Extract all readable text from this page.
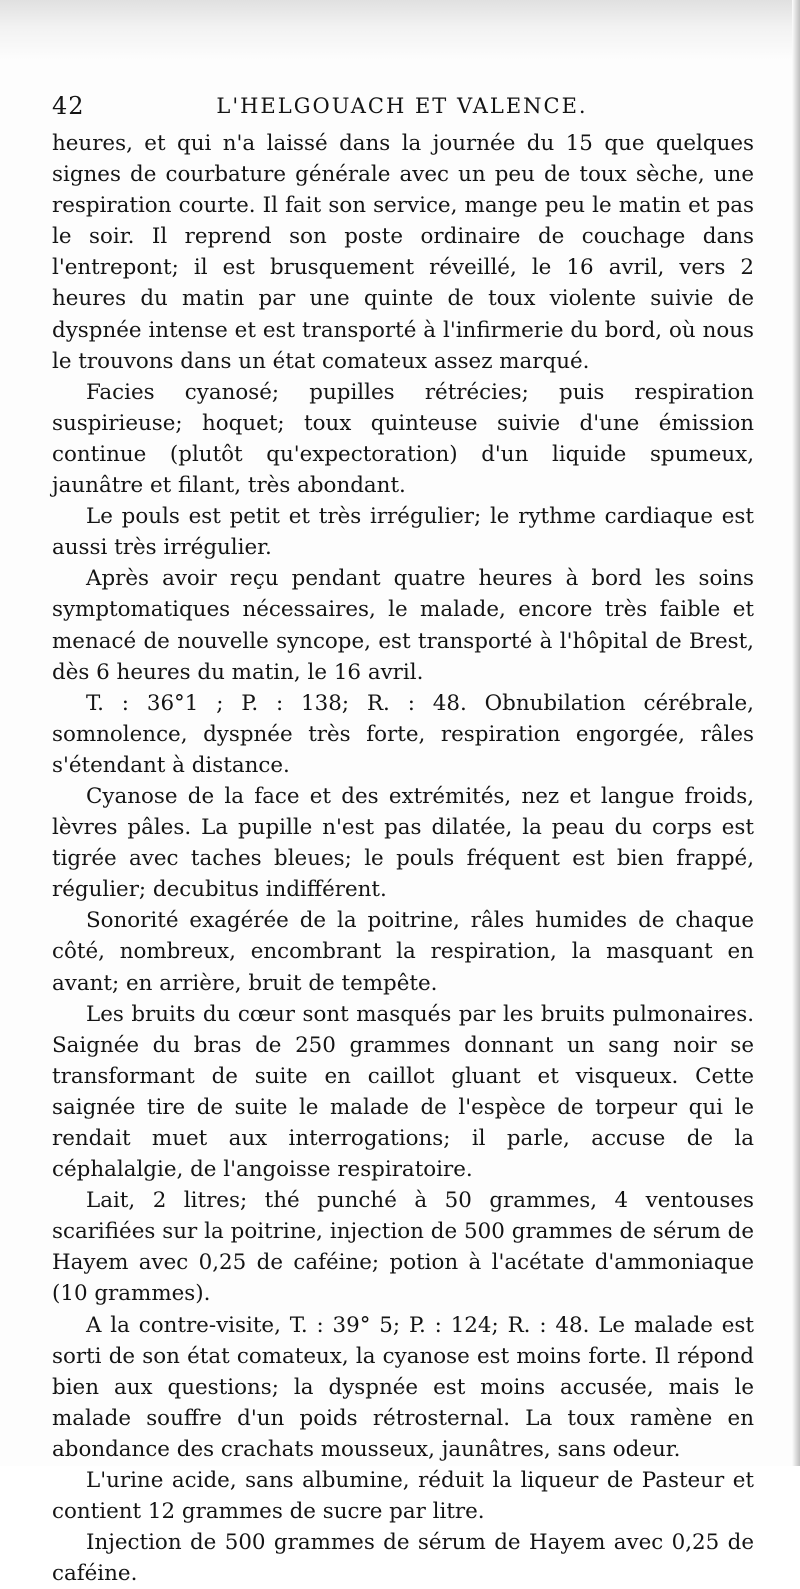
42	L'HELGOUACH ET VALENCE.

heures, et qui n'a laissé dans la journée du 15 que quelques signes de courbature générale avec un peu de toux sèche, une respiration courte. Il fait son service, mange peu le matin et pas le soir. Il reprend son poste ordinaire de couchage dans l'entrepont; il est brusquement réveillé, le 16 avril, vers 2 heures du matin par une quinte de toux violente suivie de dyspnée intense et est transporté à l'infirmerie du bord, où nous le trouvons dans un état comateux assez marqué.

Facies cyanosé; pupilles rétrécies; puis respiration suspirieuse; hoquet; toux quinteuse suivie d'une émission continue (plutôt qu'expectoration) d'un liquide spumeux, jaunâtre et filant, très abondant.

Le pouls est petit et très irrégulier; le rythme cardiaque est aussi très irrégulier.

Après avoir reçu pendant quatre heures à bord les soins symptomatiques nécessaires, le malade, encore très faible et menacé de nouvelle syncope, est transporté à l'hôpital de Brest, dès 6 heures du matin, le 16 avril.

T. : 36°1 ; P. : 138; R. : 48. Obnubilation cérébrale, somnolence, dyspnée très forte, respiration engorgée, râles s'étendant à distance.

Cyanose de la face et des extrémités, nez et langue froids, lèvres pâles. La pupille n'est pas dilatée, la peau du corps est tigrée avec taches bleues; le pouls fréquent est bien frappé, régulier; decubitus indifférent.

Sonorité exagérée de la poitrine, râles humides de chaque côté, nombreux, encombrant la respiration, la masquant en avant; en arrière, bruit de tempête.

Les bruits du cœur sont masqués par les bruits pulmonaires. Saignée du bras de 250 grammes donnant un sang noir se transformant de suite en caillot gluant et visqueux. Cette saignée tire de suite le malade de l'espèce de torpeur qui le rendait muet aux interrogations; il parle, accuse de la céphalalgie, de l'angoisse respiratoire.

Lait, 2 litres; thé punché à 50 grammes, 4 ventouses scarifiées sur la poitrine, injection de 500 grammes de sérum de Hayem avec 0,25 de caféine; potion à l'acétate d'ammoniaque (10 grammes).

A la contre-visite, T. : 39° 5; P. : 124; R. : 48. Le malade est sorti de son état comateux, la cyanose est moins forte. Il répond bien aux questions; la dyspnée est moins accusée, mais le malade souffre d'un poids rétrosternal. La toux ramène en abondance des crachats mousseux, jaunâtres, sans odeur.

L'urine acide, sans albumine, réduit la liqueur de Pasteur et contient 12 grammes de sucre par litre.

Injection de 500 grammes de sérum de Hayem avec 0,25 de caféine.
